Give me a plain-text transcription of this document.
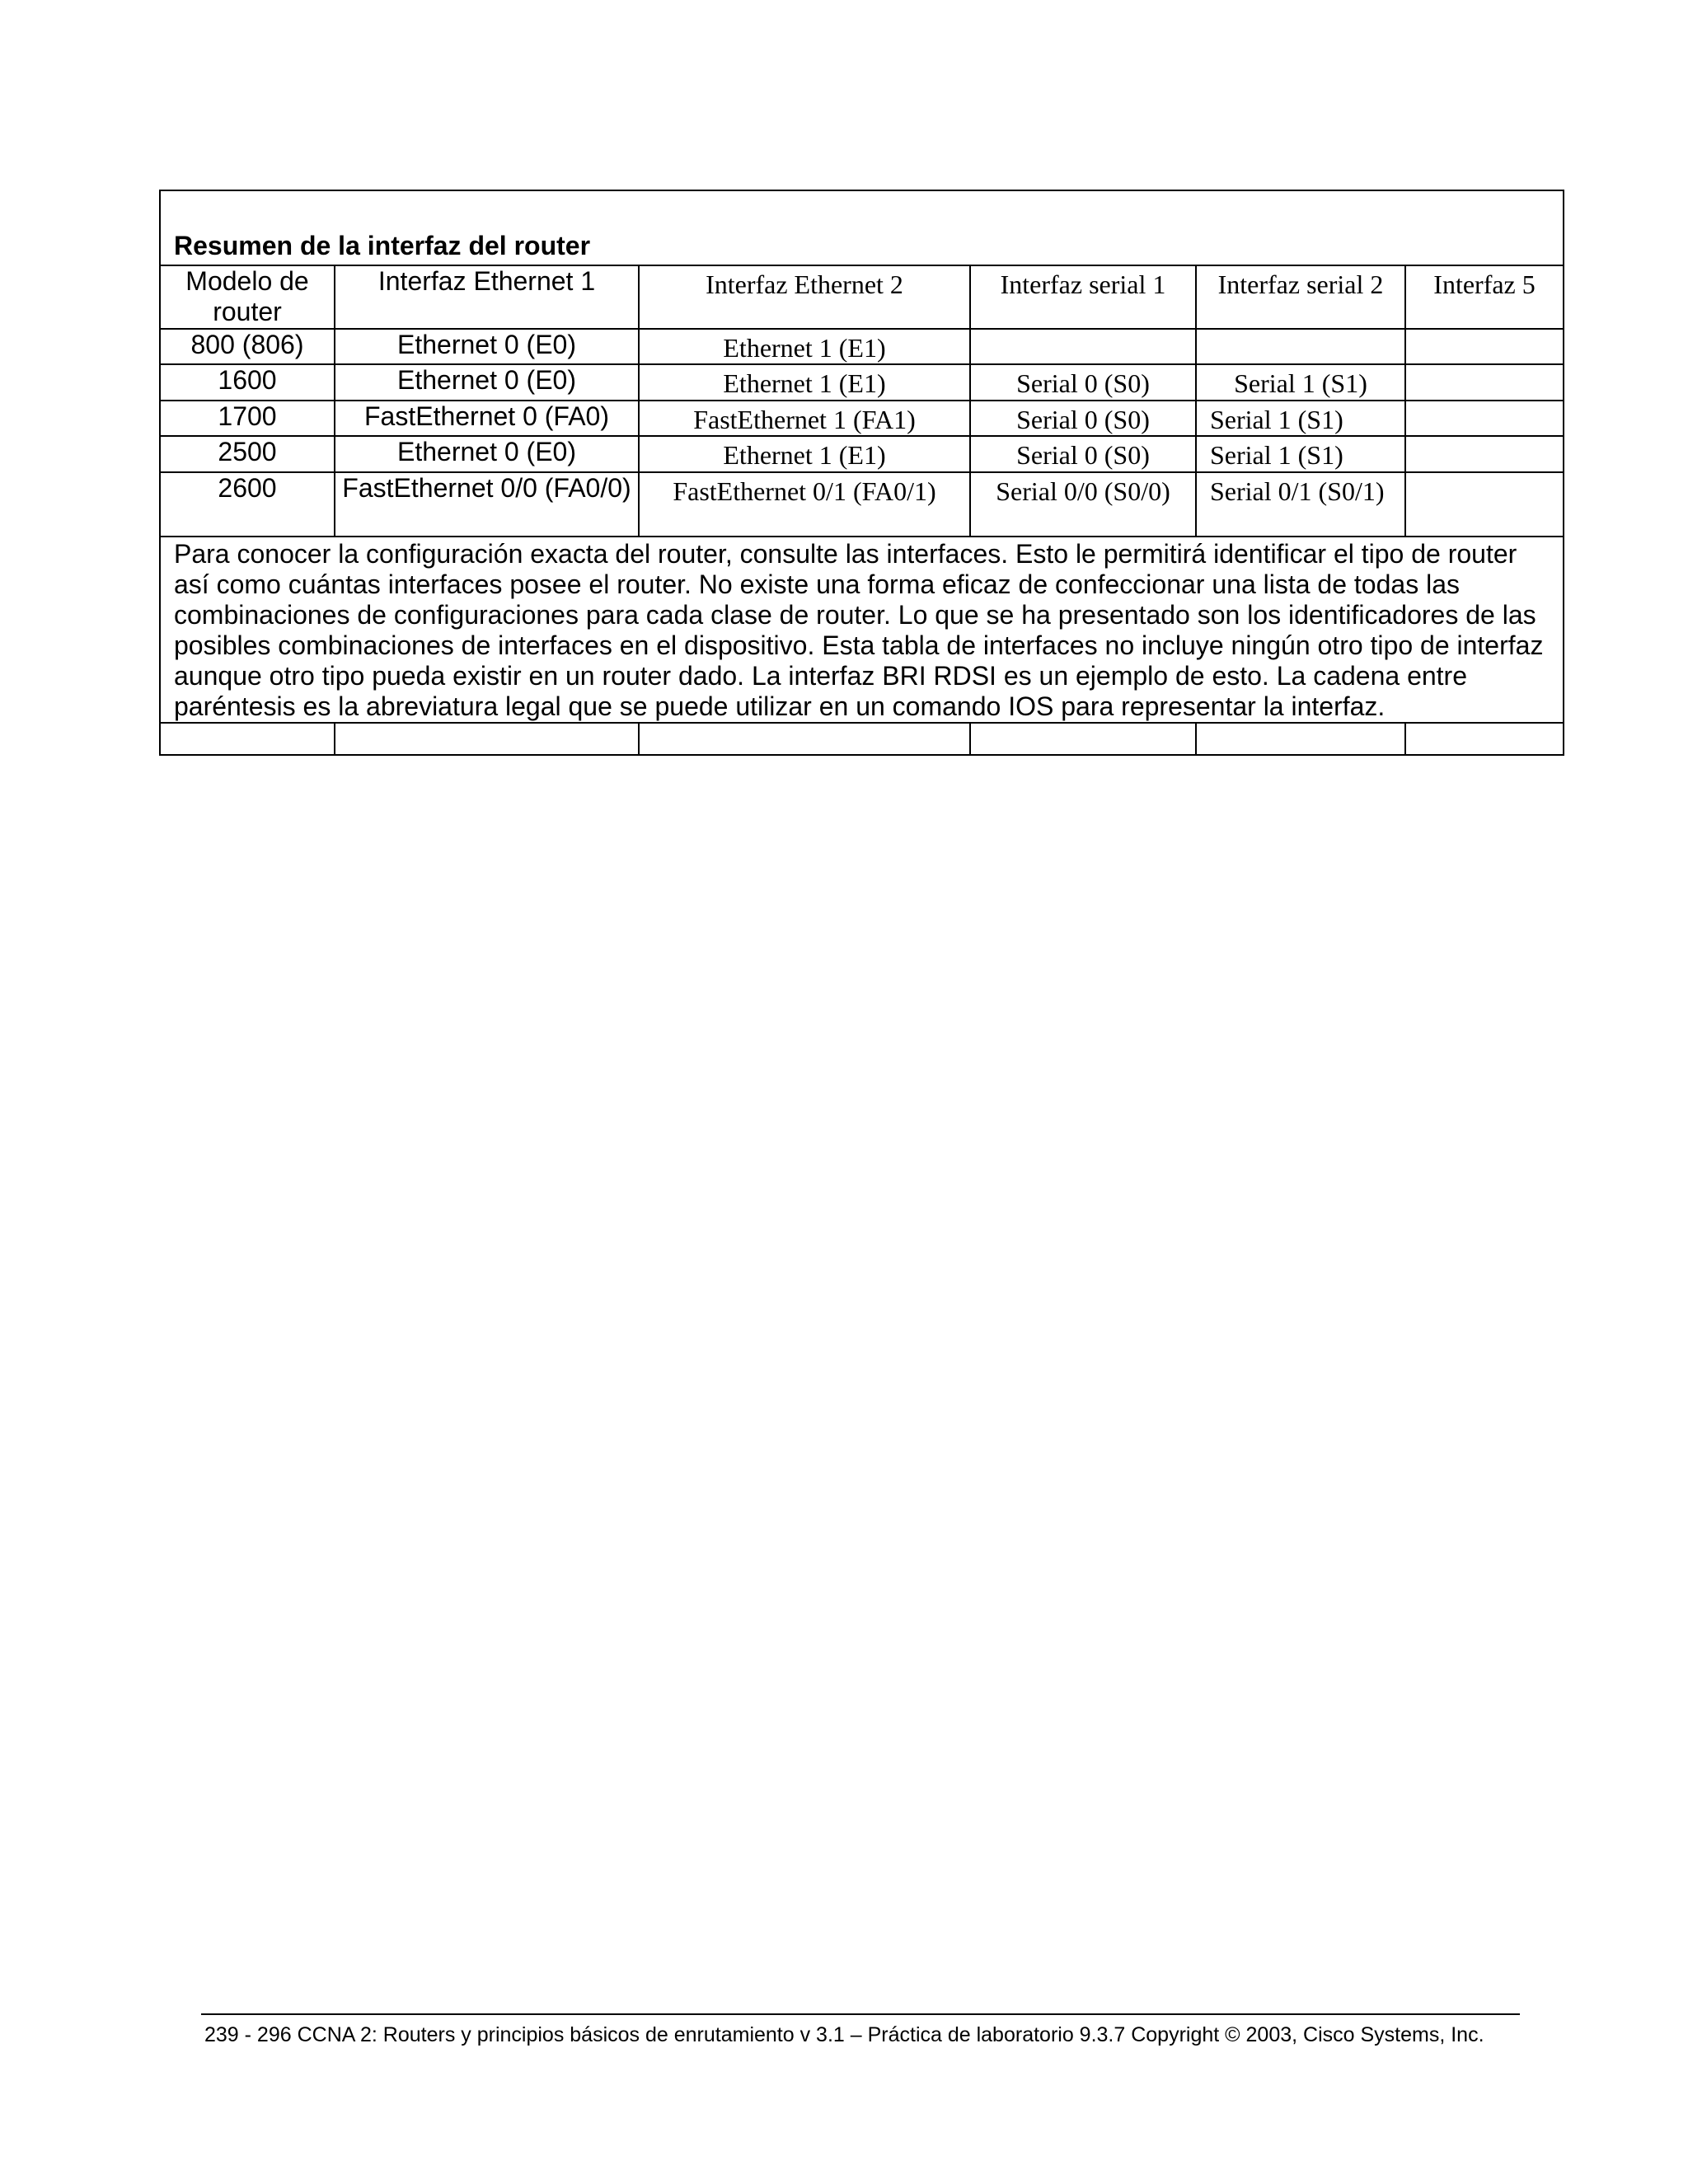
Resumen de la interfaz del router					
Modelo de router	Interfaz Ethernet 1	Interfaz Ethernet 2	Interfaz serial 1	Interfaz serial 2	Interfaz 5
800 (806)	Ethernet 0 (E0)	Ethernet 1 (E1)			
1600	Ethernet 0 (E0)	Ethernet 1 (E1)	Serial 0 (S0)	Serial 1 (S1)	
1700	FastEthernet 0 (FA0)	FastEthernet 1 (FA1)	Serial 0 (S0)	Serial 1 (S1)	
2500	Ethernet 0 (E0)	Ethernet 1 (E1)	Serial 0 (S0)	Serial 1 (S1)	
2600	FastEthernet 0/0 (FA0/0)	FastEthernet 0/1 (FA0/1)	Serial 0/0 (S0/0)	Serial 0/1 (S0/1)	
Para conocer la configuración exacta del router, consulte las interfaces. Esto le permitirá identificar el tipo de router así como cuántas interfaces posee el router. No existe una forma eficaz de confeccionar una lista de todas las combinaciones de configuraciones para cada clase de router. Lo que se ha presentado son los identificadores de las posibles combinaciones de interfaces en el dispositivo. Esta tabla de interfaces no incluye ningún otro tipo de interfaz aunque otro tipo pueda existir en un router dado. La interfaz BRI RDSI es un ejemplo de esto. La cadena entre paréntesis es la abreviatura legal que se puede utilizar en un comando IOS para representar la interfaz.					

239 - 296 CCNA 2: Routers y principios básicos de enrutamiento v 3.1 – Práctica de laboratorio 9.3.7 Copyright © 2003, Cisco Systems, Inc.
